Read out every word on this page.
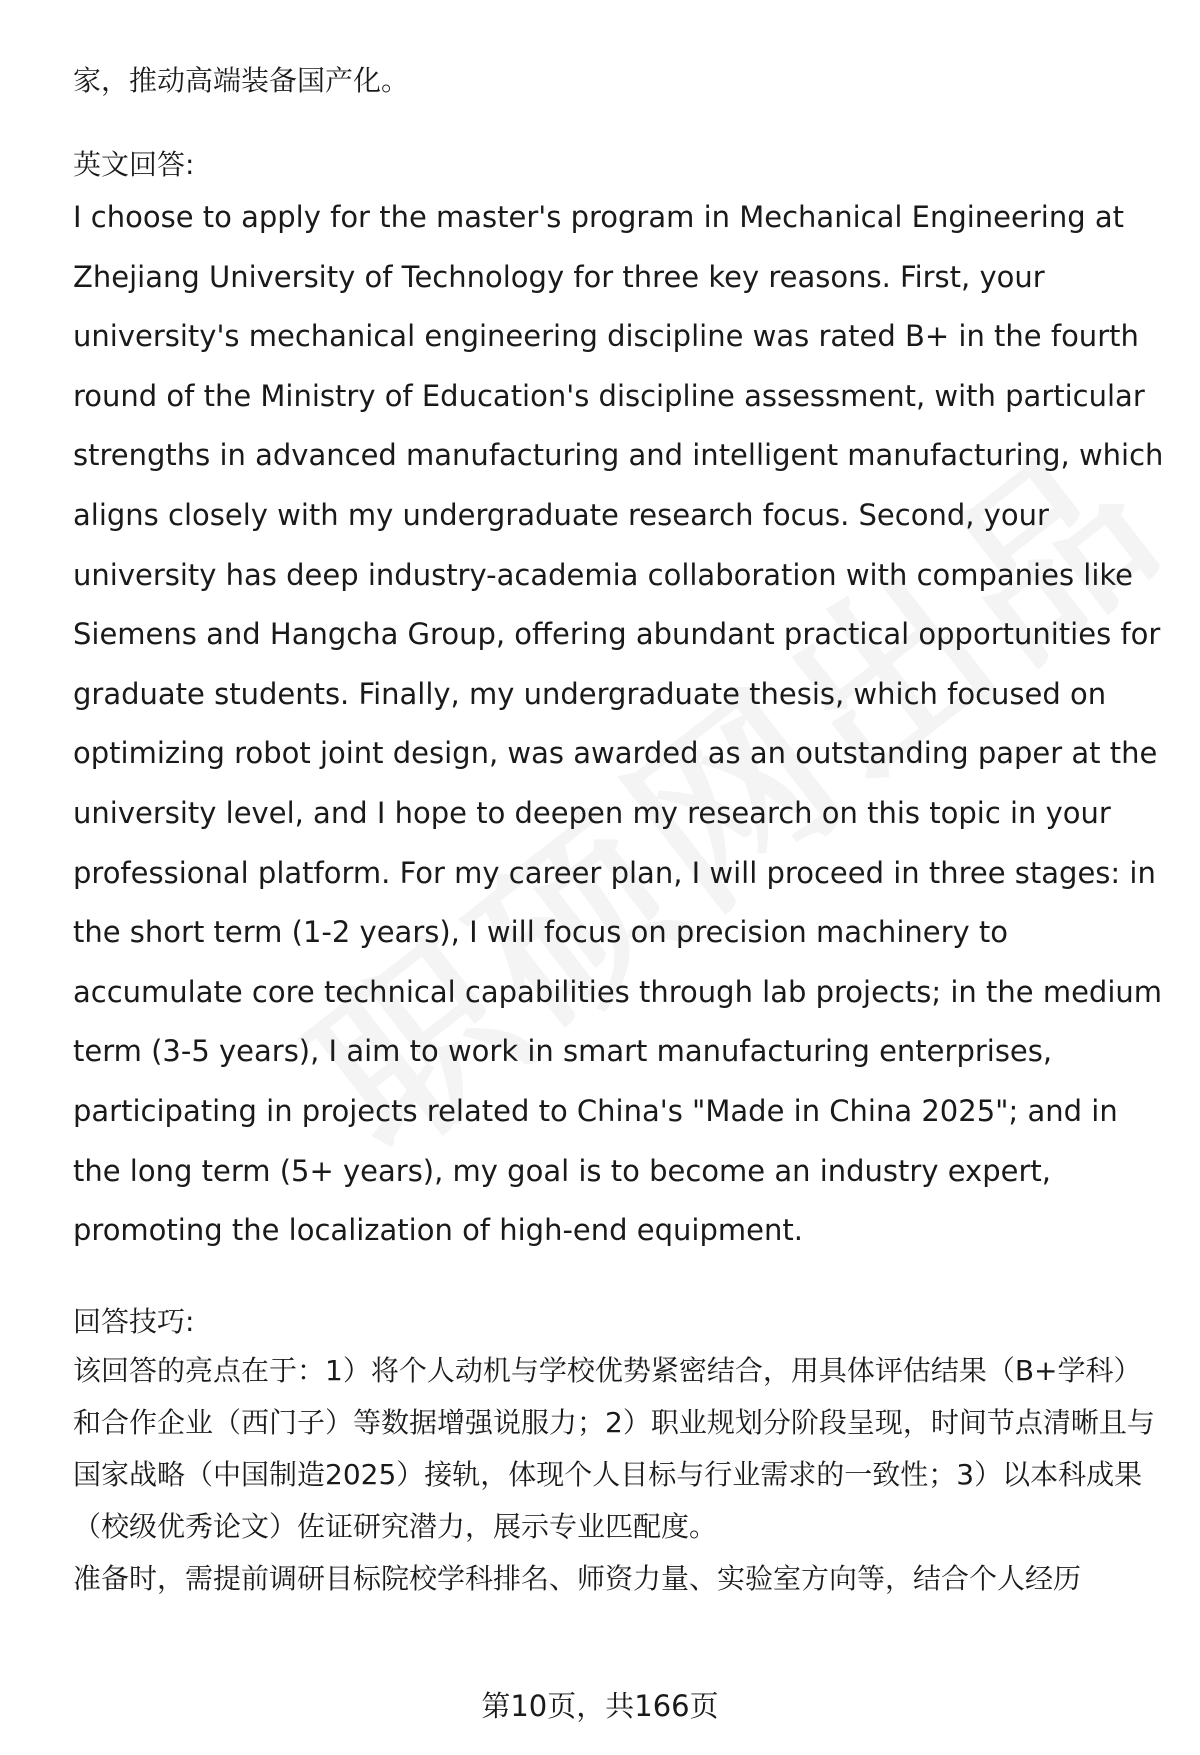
家，推动高端装备国产化。

英文回答:

I choose to apply for the master's program in Mechanical Engineering at Zhejiang University of Technology for three key reasons. First, your university's mechanical engineering discipline was rated B+ in the fourth round of the Ministry of Education's discipline assessment, with particular strengths in advanced manufacturing and intelligent manufacturing, which aligns closely with my undergraduate research focus. Second, your university has deep industry-academia collaboration with companies like Siemens and Hangcha Group, offering abundant practical opportunities for graduate students. Finally, my undergraduate thesis, which focused on optimizing robot joint design, was awarded as an outstanding paper at the university level, and I hope to deepen my research on this topic in your professional platform. For my career plan, I will proceed in three stages: in the short term (1-2 years), I will focus on precision machinery to accumulate core technical capabilities through lab projects; in the medium term (3-5 years), I aim to work in smart manufacturing enterprises, participating in projects related to China's "Made in China 2025"; and in the long term (5+ years), my goal is to become an industry expert, promoting the localization of high-end equipment.

回答技巧:

该回答的亮点在于：1）将个人动机与学校优势紧密结合，用具体评估结果（B+学科）和合作企业（西门子）等数据增强说服力；2）职业规划分阶段呈现，时间节点清晰且与国家战略（中国制造2025）接轨，体现个人目标与行业需求的一致性；3）以本科成果（校级优秀论文）佐证研究潜力，展示专业匹配度。

准备时，需提前调研目标院校学科排名、师资力量、实验室方向等，结合个人经历

第10页，共166页
